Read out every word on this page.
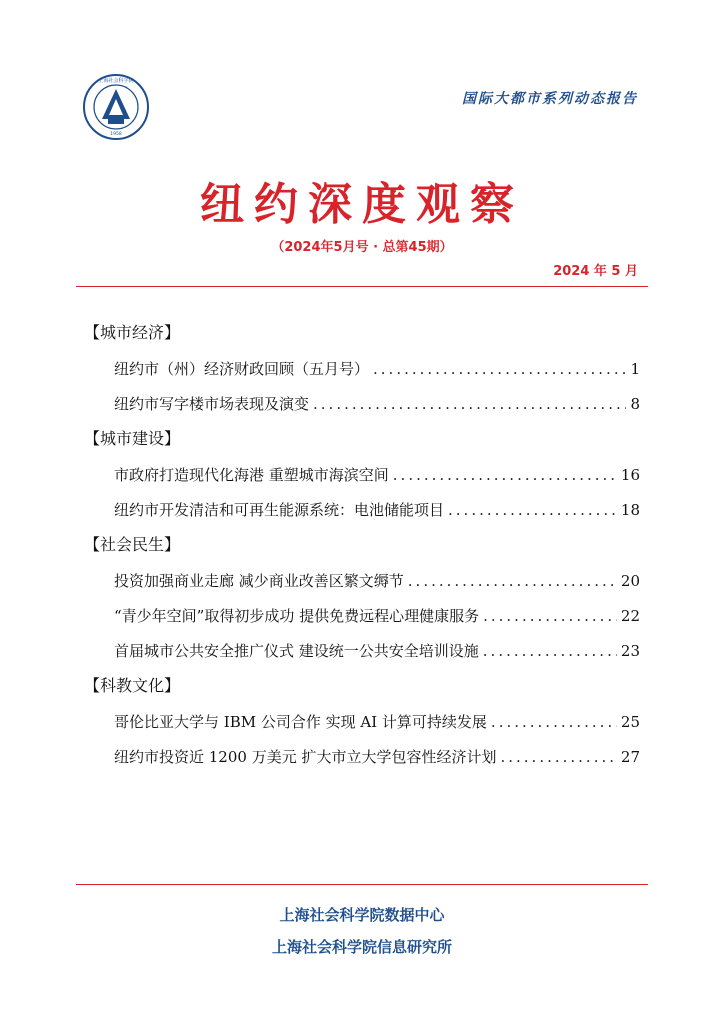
上海社会科学院
1958
国际大都市系列动态报告
纽约深度观察
（2024年5月号 · 总第45期）
2024 年 5 月
【城市经济】
纽约市（州）经济财政回顾（五月号） .....	1
纽约市写字楼市场表现及演变 .....	8
【城市建设】
市政府打造现代化海港 重塑城市海滨空间 .....	16
纽约市开发清洁和可再生能源系统：电池储能项目 .....	18
【社会民生】
投资加强商业走廊 减少商业改善区繁文缛节 .....	20
“青少年空间”取得初步成功 提供免费远程心理健康服务 .....	22
首届城市公共安全推广仪式 建设统一公共安全培训设施 .....	23
【科教文化】
哥伦比亚大学与 IBM 公司合作 实现 AI 计算可持续发展 .....	25
纽约市投资近 1200 万美元 扩大市立大学包容性经济计划 .....	27
上海社会科学院数据中心
上海社会科学院信息研究所
